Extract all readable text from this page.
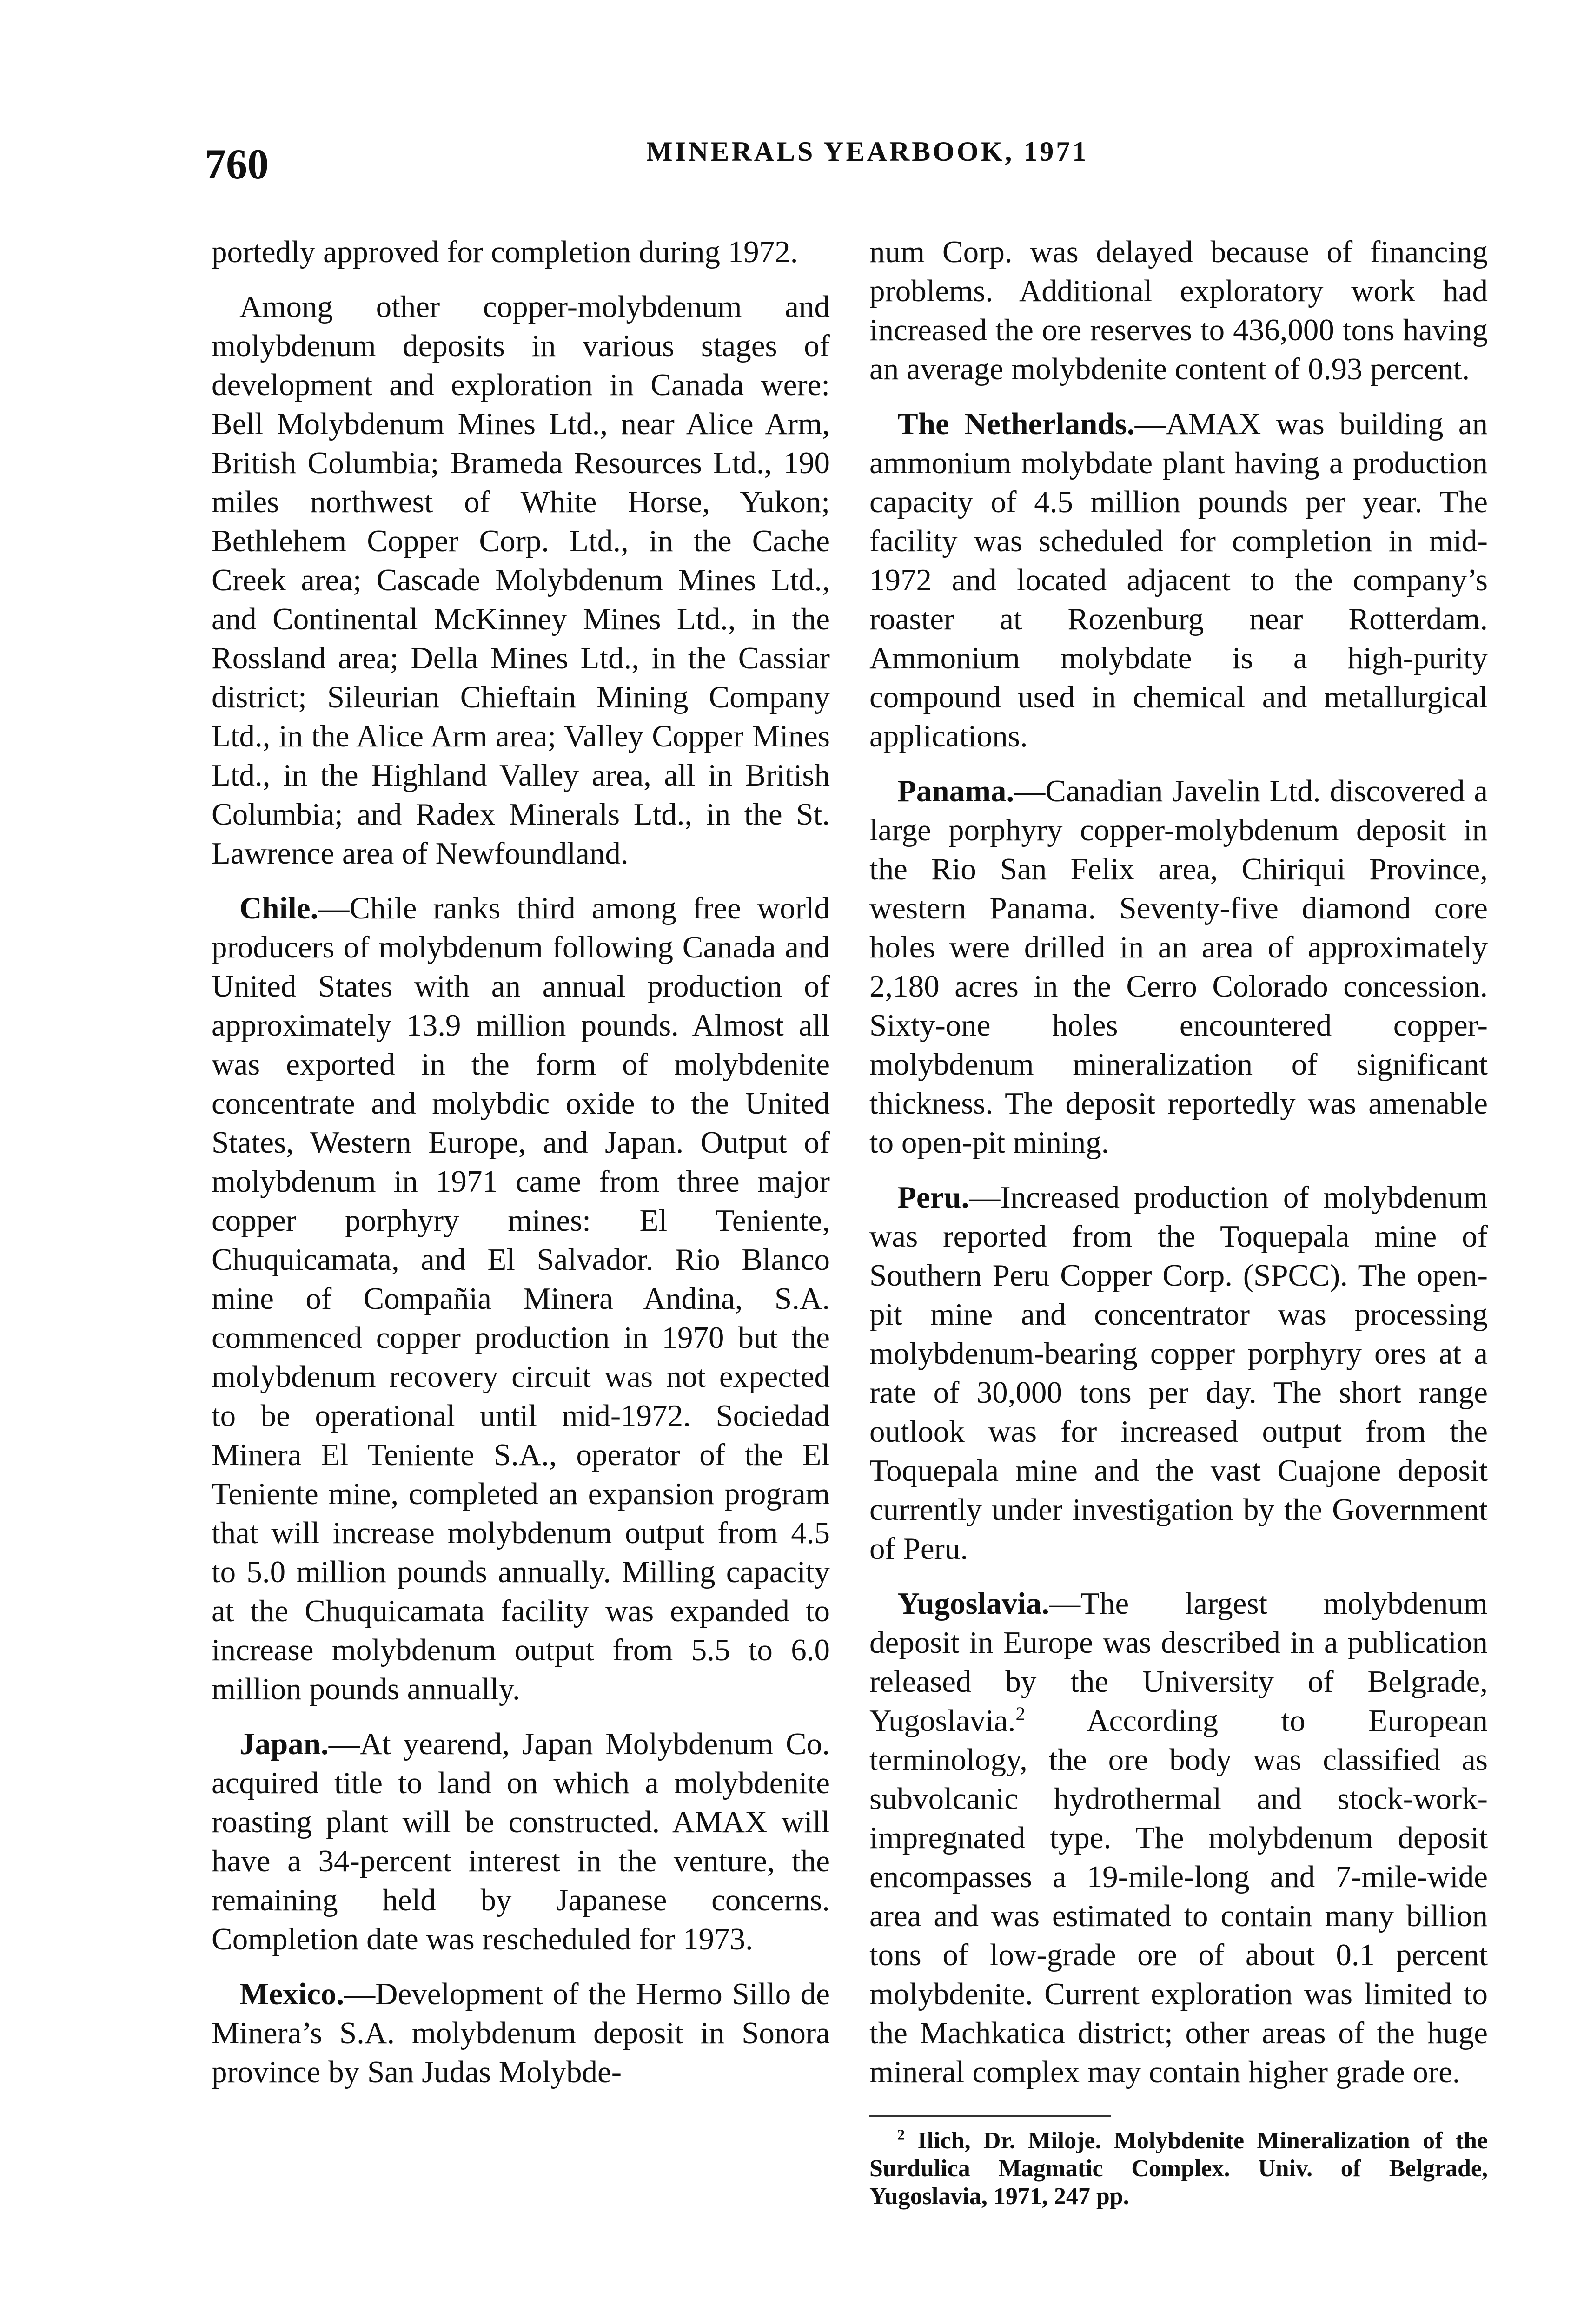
760	MINERALS YEARBOOK, 1971

portedly approved for completion during 1972.

Among other copper-molybdenum and molybdenum deposits in various stages of development and exploration in Canada were: Bell Molybdenum Mines Ltd., near Alice Arm, British Columbia; Brameda Resources Ltd., 190 miles northwest of White Horse, Yukon; Bethlehem Copper Corp. Ltd., in the Cache Creek area; Cascade Molybdenum Mines Ltd., and Continental McKinney Mines Ltd., in the Rossland area; Della Mines Ltd., in the Cassiar district; Sileurian Chieftain Mining Company Ltd., in the Alice Arm area; Valley Copper Mines Ltd., in the Highland Valley area, all in British Columbia; and Radex Minerals Ltd., in the St. Lawrence area of Newfoundland.

Chile.—Chile ranks third among free world producers of molybdenum following Canada and United States with an annual production of approximately 13.9 million pounds. Almost all was exported in the form of molybdenite concentrate and molybdic oxide to the United States, Western Europe, and Japan. Output of molybdenum in 1971 came from three major copper porphyry mines: El Teniente, Chuquicamata, and El Salvador. Rio Blanco mine of Compañia Minera Andina, S.A. commenced copper production in 1970 but the molybdenum recovery circuit was not expected to be operational until mid-1972. Sociedad Minera El Teniente S.A., operator of the El Teniente mine, completed an expansion program that will increase molybdenum output from 4.5 to 5.0 million pounds annually. Milling capacity at the Chuquicamata facility was expanded to increase molybdenum output from 5.5 to 6.0 million pounds annually.

Japan.—At yearend, Japan Molybdenum Co. acquired title to land on which a molybdenite roasting plant will be constructed. AMAX will have a 34-percent interest in the venture, the remaining held by Japanese concerns. Completion date was rescheduled for 1973.

Mexico.—Development of the Hermo Sillo de Minera’s S.A. molybdenum deposit in Sonora province by San Judas Molybde-

num Corp. was delayed because of financing problems. Additional exploratory work had increased the ore reserves to 436,000 tons having an average molybdenite content of 0.93 percent.

The Netherlands.—AMAX was building an ammonium molybdate plant having a production capacity of 4.5 million pounds per year. The facility was scheduled for completion in mid-1972 and located adjacent to the company’s roaster at Rozenburg near Rotterdam. Ammonium molybdate is a high-purity compound used in chemical and metallurgical applications.

Panama.—Canadian Javelin Ltd. discovered a large porphyry copper-molybdenum deposit in the Rio San Felix area, Chiriqui Province, western Panama. Seventy-five diamond core holes were drilled in an area of approximately 2,180 acres in the Cerro Colorado concession. Sixty-one holes encountered copper-molybdenum mineralization of significant thickness. The deposit reportedly was amenable to open-pit mining.

Peru.—Increased production of molybdenum was reported from the Toquepala mine of Southern Peru Copper Corp. (SPCC). The open-pit mine and concentrator was processing molybdenum-bearing copper porphyry ores at a rate of 30,000 tons per day. The short range outlook was for increased output from the Toquepala mine and the vast Cuajone deposit currently under investigation by the Government of Peru.

Yugoslavia.—The largest molybdenum deposit in Europe was described in a publication released by the University of Belgrade, Yugoslavia.$^2$ According to European terminology, the ore body was classified as subvolcanic hydrothermal and stock-work-impregnated type. The molybdenum deposit encompasses a 19-mile-long and 7-mile-wide area and was estimated to contain many billion tons of low-grade ore of about 0.1 percent molybdenite. Current exploration was limited to the Machkatica district; other areas of the huge mineral complex may contain higher grade ore.

$^2$ Ilich, Dr. Miloje. Molybdenite Mineralization of the Surdulica Magmatic Complex. Univ. of Belgrade, Yugoslavia, 1971, 247 pp.
